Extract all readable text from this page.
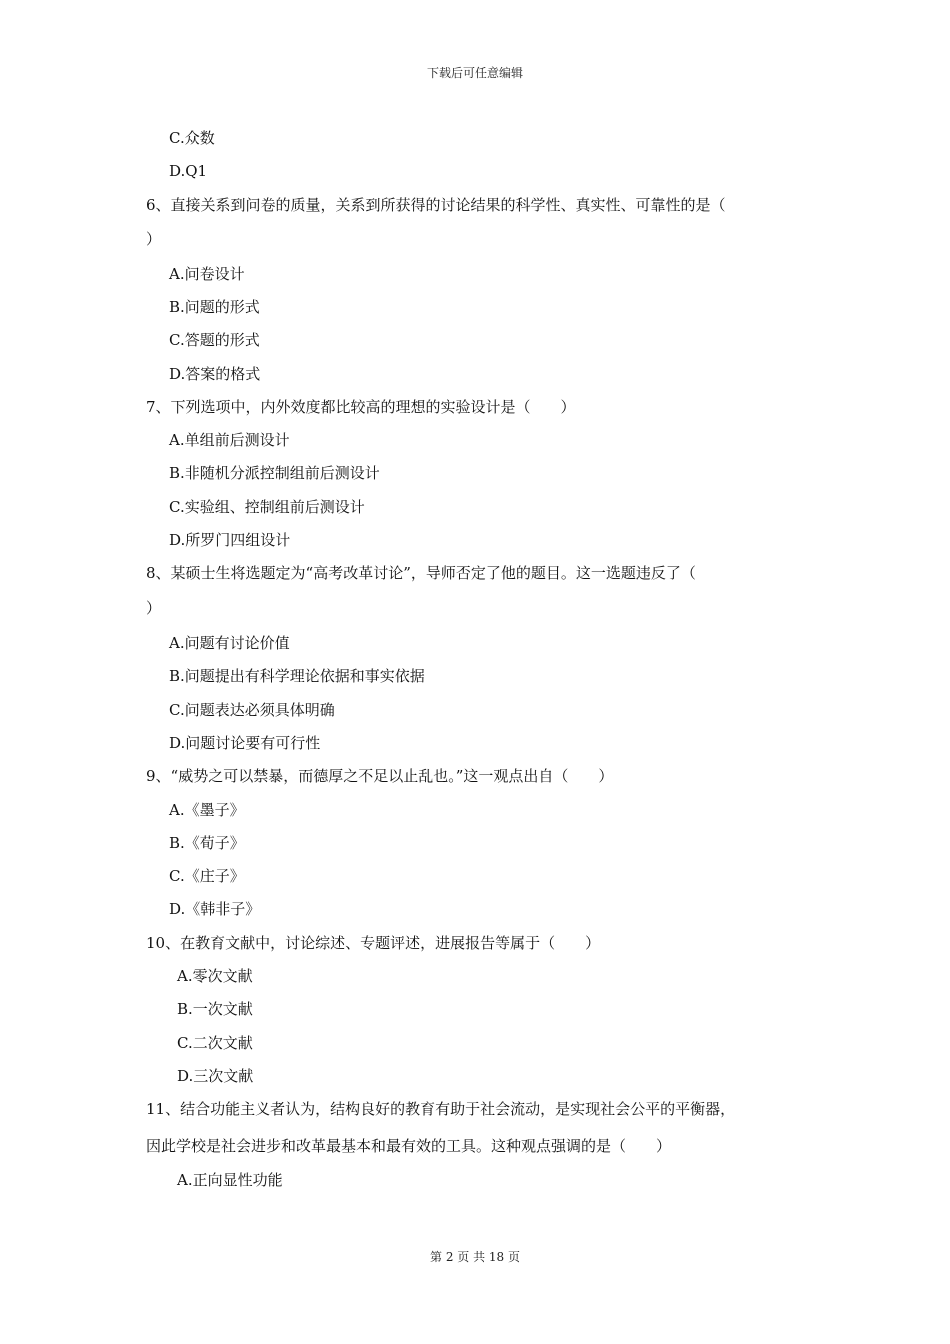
下载后可任意编辑
C.众数
D.Q1
6、直接关系到问卷的质量，关系到所获得的讨论结果的科学性、真实性、可靠性的是（
）
A.问卷设计
B.问题的形式
C.答题的形式
D.答案的格式
7、下列选项中，内外效度都比较高的理想的实验设计是（　　）
A.单组前后测设计
B.非随机分派控制组前后测设计
C.实验组、控制组前后测设计
D.所罗门四组设计
8、某硕士生将选题定为“高考改革讨论”，导师否定了他的题目。这一选题违反了（
）
A.问题有讨论价值
B.问题提出有科学理论依据和事实依据
C.问题表达必须具体明确
D.问题讨论要有可行性
9、“威势之可以禁暴，而德厚之不足以止乱也。”这一观点出自（　　）
A.《墨子》
B.《荀子》
C.《庄子》
D.《韩非子》
10、在教育文献中，讨论综述、专题评述，进展报告等属于（　　）
A.零次文献
B.一次文献
C.二次文献
D.三次文献
11、结合功能主义者认为，结构良好的教育有助于社会流动，是实现社会公平的平衡器，
因此学校是社会进步和改革最基本和最有效的工具。这种观点强调的是（　　）
A.正向显性功能
第 2 页 共 18 页
